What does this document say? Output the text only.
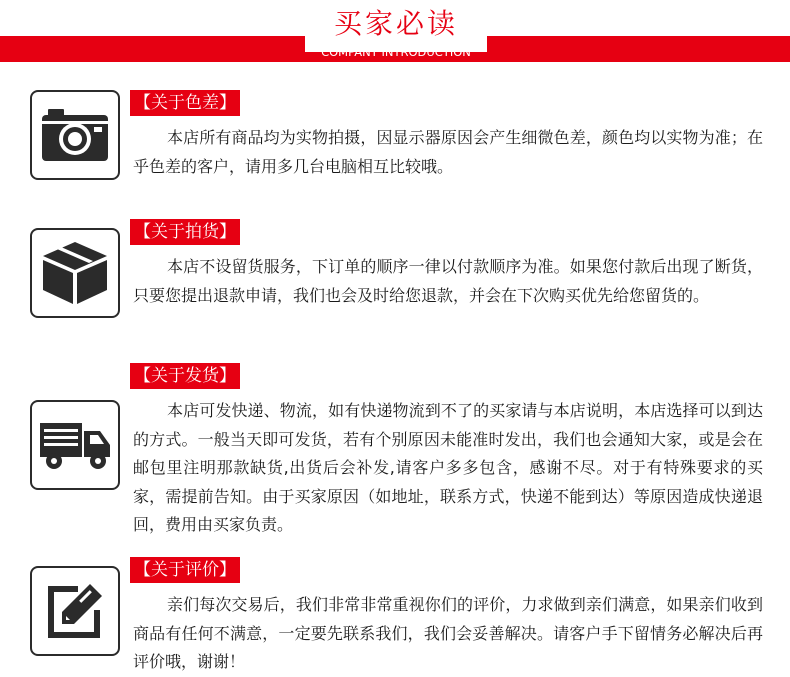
买家必读
COMPANY INTRODUCTION
【关于色差】

本店所有商品均为实物拍摄，因显示器原因会产生细微色差，颜色均以实物为准；在乎色差的客户，请用多几台电脑相互比较哦。

【关于拍货】

本店不设留货服务，下订单的顺序一律以付款顺序为准。如果您付款后出现了断货，只要您提出退款申请，我们也会及时给您退款，并会在下次购买优先给您留货的。

【关于发货】

本店可发快递、物流，如有快递物流到不了的买家请与本店说明，本店选择可以到达的方式。一般当天即可发货，若有个别原因未能准时发出，我们也会通知大家，或是会在邮包里注明那款缺货,出货后会补发,请客户多多包含，感谢不尽。对于有特殊要求的买家，需提前告知。由于买家原因（如地址，联系方式，快递不能到达）等原因造成快递退回，费用由买家负责。

【关于评价】

亲们每次交易后，我们非常非常重视你们的评价，力求做到亲们满意，如果亲们收到商品有任何不满意，一定要先联系我们，我们会妥善解决。请客户手下留情务必解决后再评价哦，谢谢！
